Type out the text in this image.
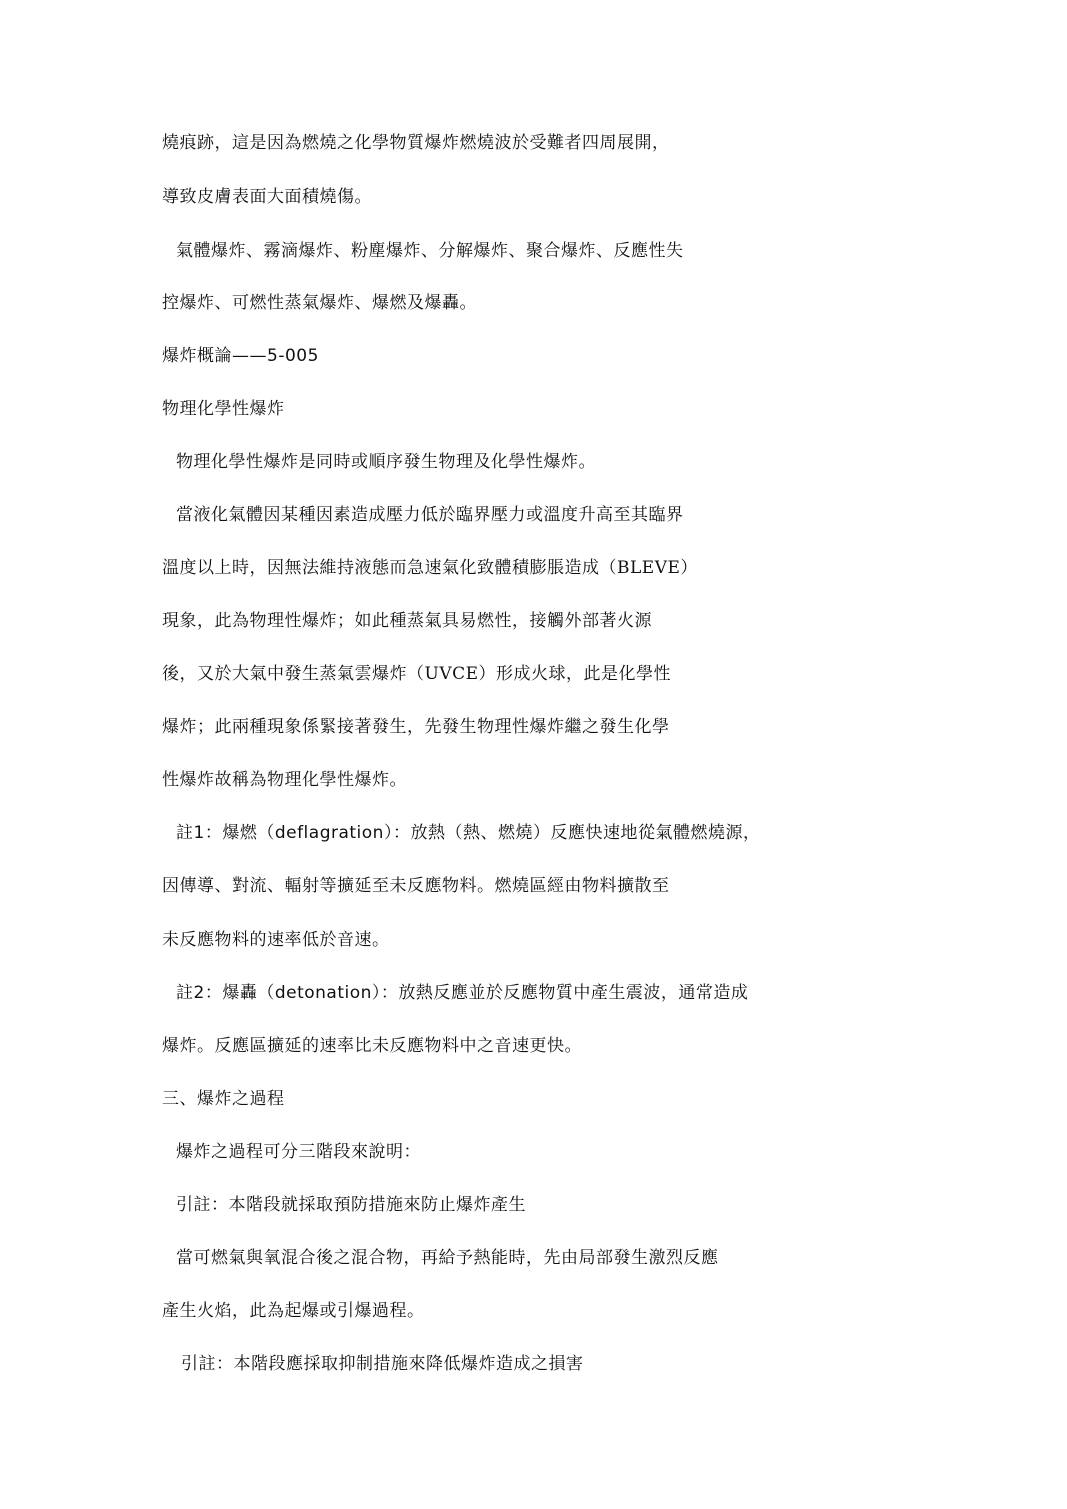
燒痕跡，這是因為燃燒之化學物質爆炸燃燒波於受難者四周展開，
導致皮膚表面大面積燒傷。
氣體爆炸、霧滴爆炸、粉塵爆炸、分解爆炸、聚合爆炸、反應性失
控爆炸、可燃性蒸氣爆炸、爆燃及爆轟。
爆炸概論——5-005
物理化學性爆炸
物理化學性爆炸是同時或順序發生物理及化學性爆炸。
當液化氣體因某種因素造成壓力低於臨界壓力或溫度升高至其臨界
溫度以上時，因無法維持液態而急速氣化致體積膨脹造成（BLEVE）
現象，此為物理性爆炸；如此種蒸氣具易燃性，接觸外部著火源
後，又於大氣中發生蒸氣雲爆炸（UVCE）形成火球，此是化學性
爆炸；此兩種現象係緊接著發生，先發生物理性爆炸繼之發生化學
性爆炸故稱為物理化學性爆炸。
註1：爆燃（deflagration）：放熱（熱、燃燒）反應快速地從氣體燃燒源，
因傳導、對流、輻射等擴延至未反應物料。燃燒區經由物料擴散至
未反應物料的速率低於音速。
註2：爆轟（detonation）：放熱反應並於反應物質中產生震波，通常造成
爆炸。反應區擴延的速率比未反應物料中之音速更快。
三、爆炸之過程
爆炸之過程可分三階段來說明：
引註：本階段就採取預防措施來防止爆炸產生
當可燃氣與氧混合後之混合物，再給予熱能時，先由局部發生激烈反應
產生火焰，此為起爆或引爆過程。
引註：本階段應採取抑制措施來降低爆炸造成之損害
